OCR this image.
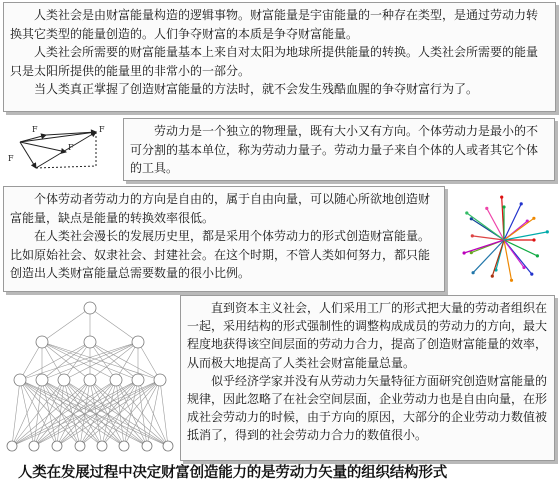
人类社会是由财富能量构造的逻辑事物。财富能量是宇宙能量的一种存在类型，是通过劳动力转换其它类型的能量创造的。人们争夺财富的本质是争夺财富能量。

人类社会所需要的财富能量基本上来自对太阳为地球所提供能量的转换。人类社会所需要的能量只是太阳所提供的能量里的非常小的一部分。

当人类真正掌握了创造财富能量的方法时，就不会发生残酷血腥的争夺财富行为了。

F	F
F
F

劳动力是一个独立的物理量，既有大小又有方向。个体劳动力是最小的不可分割的基本单位，称为劳动力量子。劳动力量子来自个体的人或者其它个体的工具。

个体劳动者劳动力的方向是自由的，属于自由向量，可以随心所欲地创造财富能量，缺点是能量的转换效率很低。

在人类社会漫长的发展历史里，都是采用个体劳动力的形式创造财富能量。比如原始社会、奴隶社会、封建社会。在这个时期，不管人类如何努力，都只能创造出人类财富能量总需要数量的很小比例。

直到资本主义社会，人们采用工厂的形式把大量的劳动者组织在一起，采用结构的形式强制性的调整构成成员的劳动力的方向，最大程度地获得该空间层面的劳动力合力，提高了创造财富能量的效率，从而极大地提高了人类社会财富能量总量。

似乎经济学家并没有从劳动力矢量特征方面研究创造财富能量的规律，因此忽略了在社会空间层面，企业劳动力也是自由向量，在形成社会劳动力的时候，由于方向的原因，大部分的企业劳动力数值被抵消了，得到的社会劳动力合力的数值很小。

人类在发展过程中决定财富创造能力的是劳动力矢量的组织结构形式
